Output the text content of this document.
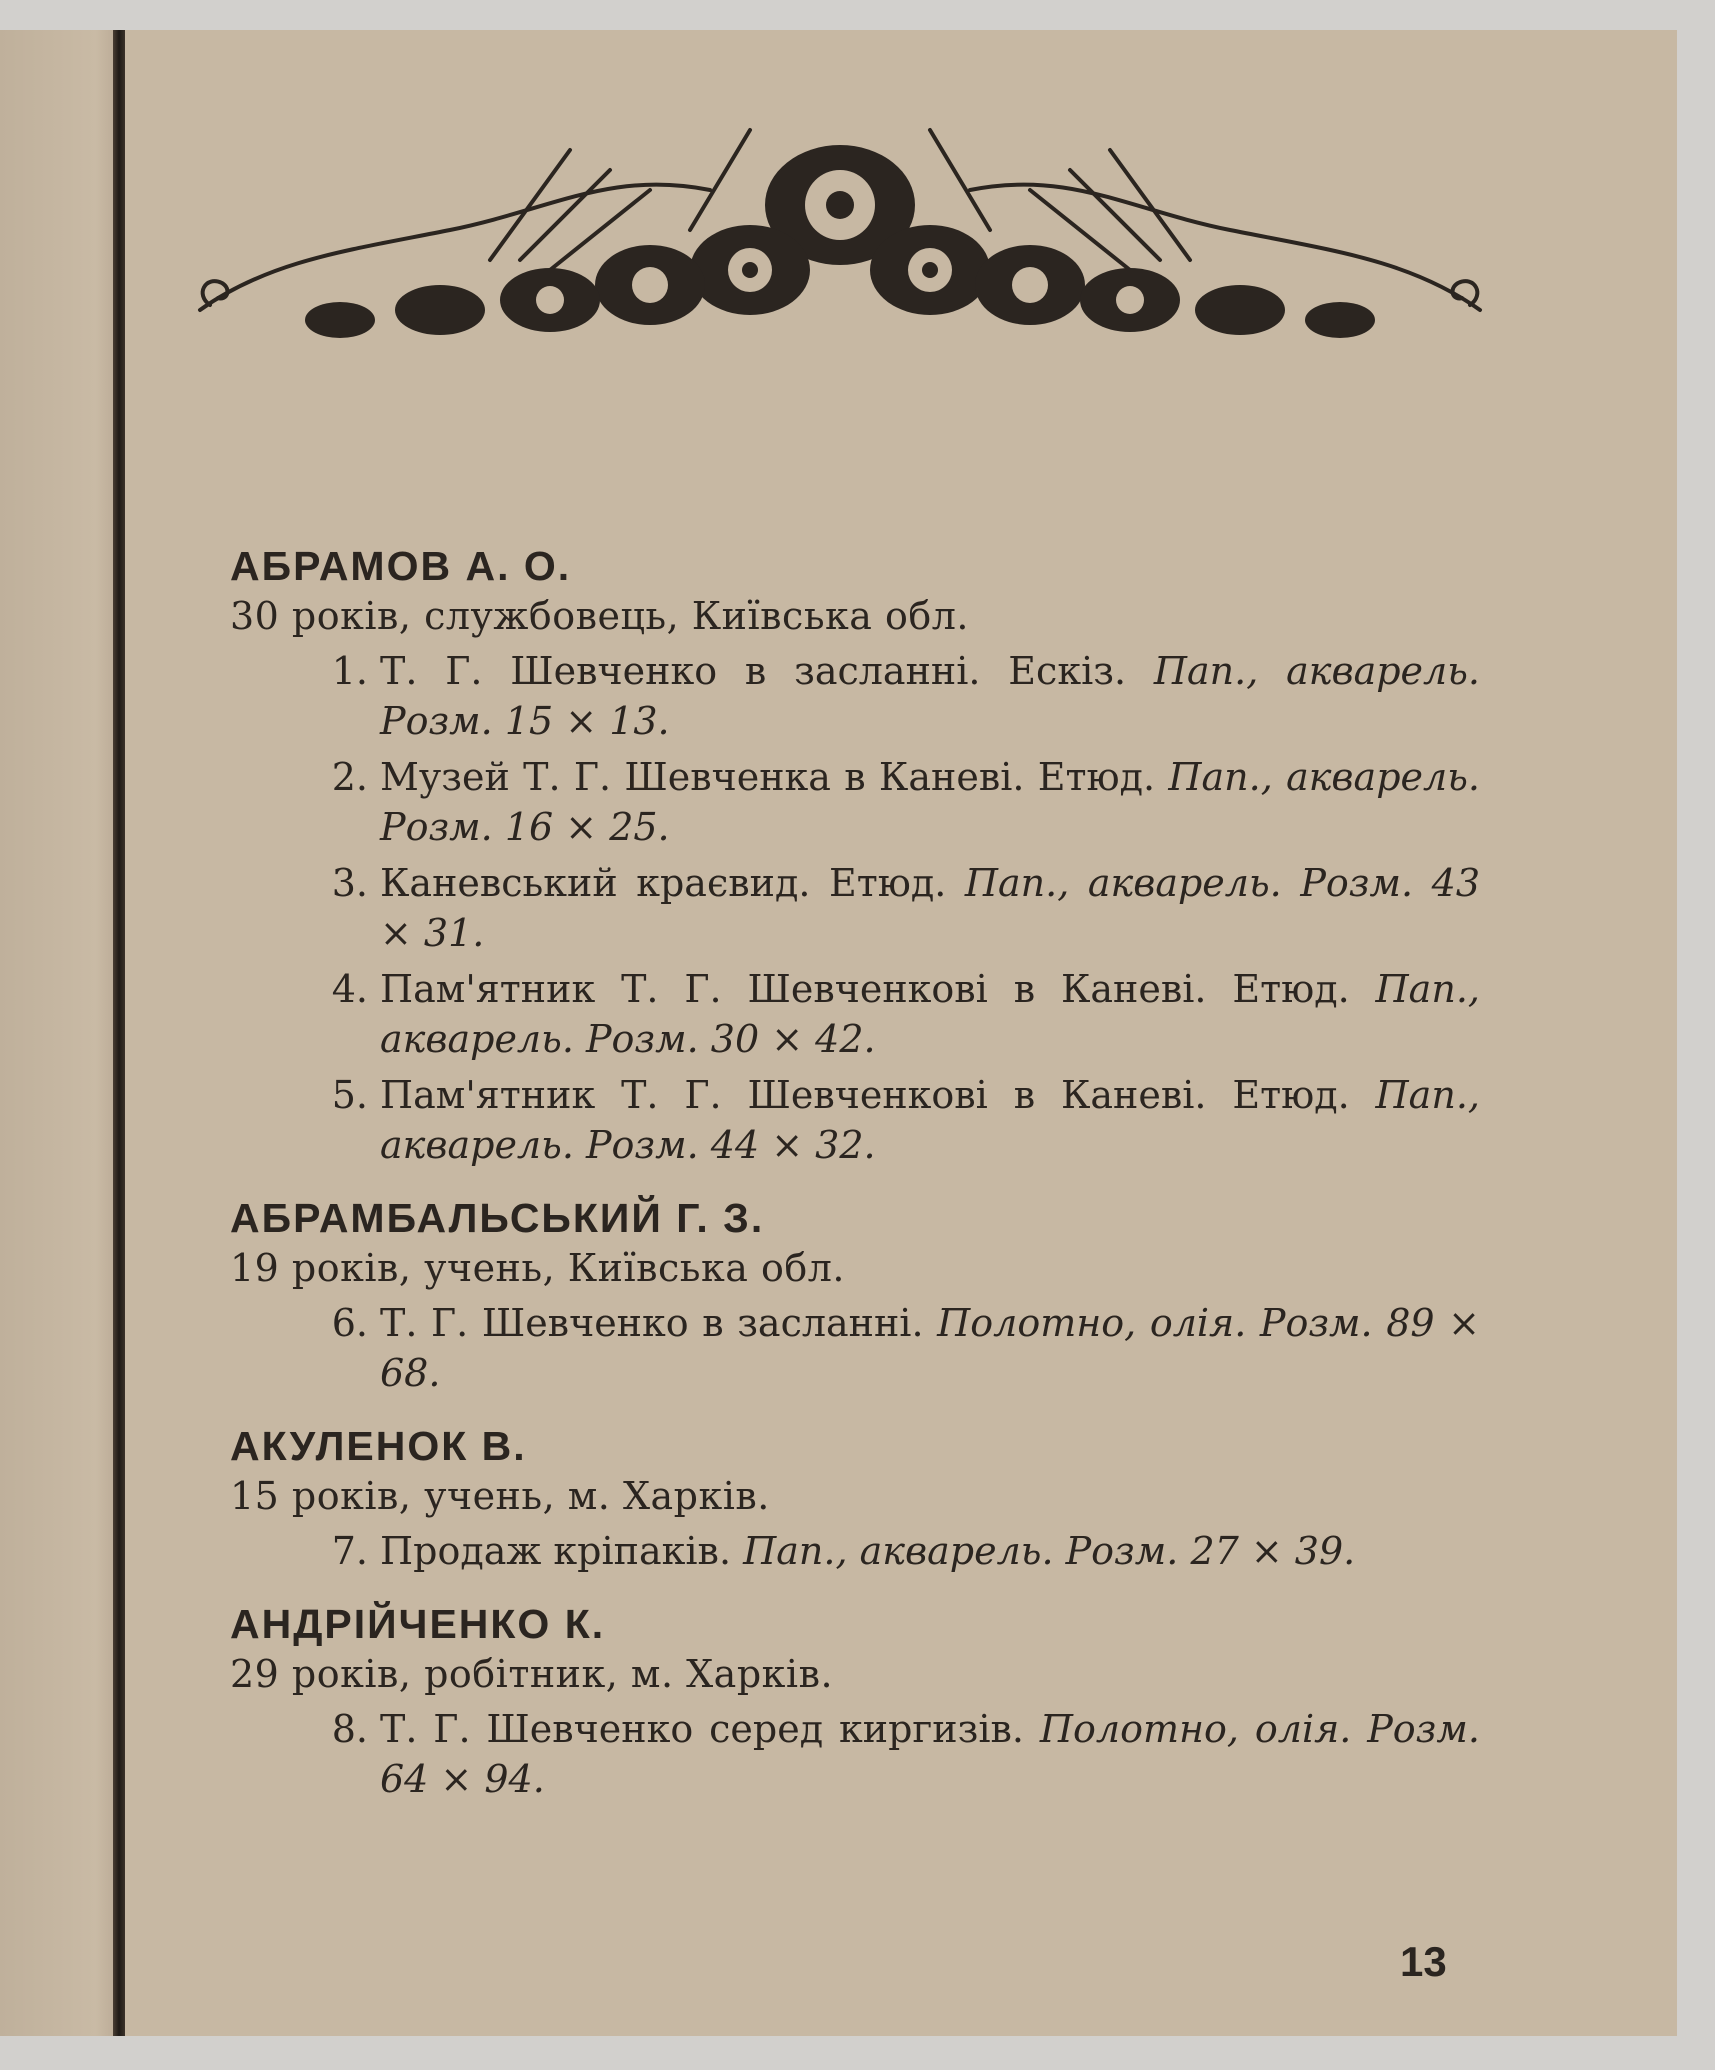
АБРАМОВ А. О.

30 років, службовець, Київська обл.

1. Т. Г. Шевченко в засланні. Ескіз. Пап., акварель. Розм. 15 × 13.
2. Музей Т. Г. Шевченка в Каневі. Етюд. Пап., акварель. Розм. 16 × 25.
3. Каневський краєвид. Етюд. Пап., акварель. Розм. 43 × 31.
4. Пам'ятник Т. Г. Шевченкові в Каневі. Етюд. Пап., акварель. Розм. 30 × 42.
5. Пам'ятник Т. Г. Шевченкові в Каневі. Етюд. Пап., акварель. Розм. 44 × 32.

АБРАМБАЛЬСЬКИЙ Г. З.

19 років, учень, Київська обл.

6. Т. Г. Шевченко в засланні. Полотно, олія. Розм. 89 × 68.

АКУЛЕНОК В.

15 років, учень, м. Харків.

7. Продаж кріпаків. Пап., акварель. Розм. 27 × 39.

АНДРІЙЧЕНКО К.

29 років, робітник, м. Харків.

8. Т. Г. Шевченко серед киргизів. Полотно, олія. Розм. 64 × 94.
13
